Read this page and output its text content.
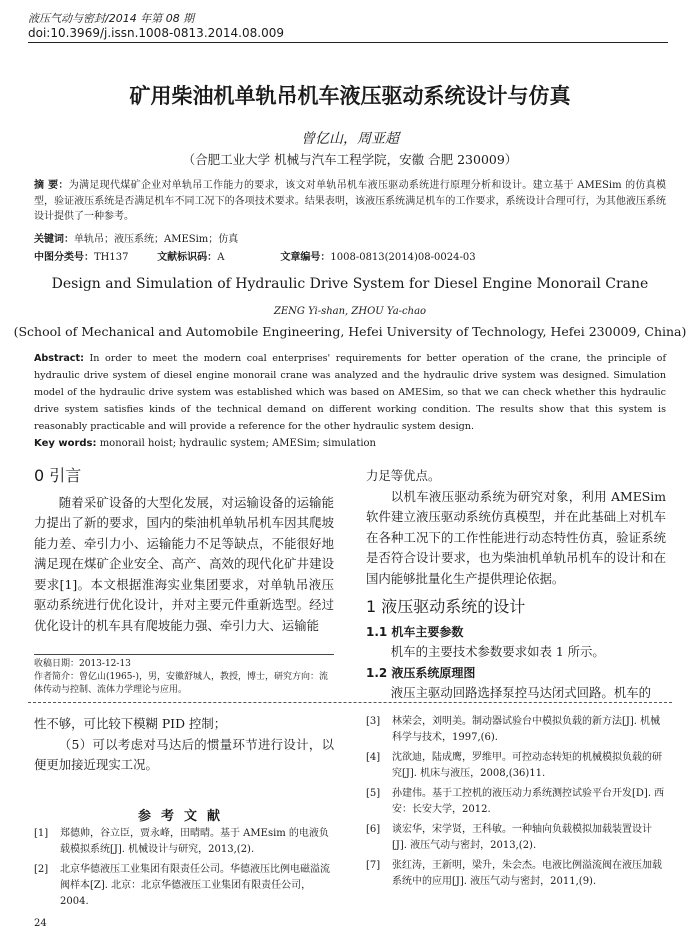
液压气动与密封/2014 年第 08 期
doi:10.3969/j.issn.1008-0813.2014.08.009
矿用柴油机单轨吊机车液压驱动系统设计与仿真
曾亿山，周亚超
（合肥工业大学 机械与汽车工程学院，安徽 合肥 230009）
摘 要：为满足现代煤矿企业对单轨吊工作能力的要求，该文对单轨吊机车液压驱动系统进行原理分析和设计。建立基于 AMESim 的仿真模型，验证液压系统是否满足机车不同工况下的各项技术要求。结果表明，该液压系统满足机车的工作要求，系统设计合理可行，为其他液压系统设计提供了一种参考。
关键词：单轨吊；液压系统；AMESim；仿真
中图分类号：TH137	文献标识码：A	文章编号：1008-0813(2014)08-0024-03
Design and Simulation of Hydraulic Drive System for Diesel Engine Monorail Crane
ZENG Yi-shan, ZHOU Ya-chao
(School of Mechanical and Automobile Engineering, Hefei University of Technology, Hefei 230009, China)
Abstract: In order to meet the modern coal enterprises' requirements for better operation of the crane, the principle of hydraulic drive system of diesel engine monorail crane was analyzed and the hydraulic drive system was designed. Simulation model of the hydraulic drive system was established which was based on AMESim, so that we can check whether this hydraulic drive system satisfies kinds of the technical demand on different working condition. The results show that this system is reasonably practicable and will provide a reference for the other hydraulic system design.
Key words: monorail hoist; hydraulic system; AMESim; simulation
0 引言
随着采矿设备的大型化发展，对运输设备的运输能力提出了新的要求，国内的柴油机单轨吊机车因其爬坡能力差、牵引力小、运输能力不足等缺点，不能很好地满足现在煤矿企业安全、高产、高效的现代化矿井建设要求[1]。本文根据淮海实业集团要求，对单轨吊液压驱动系统进行优化设计，并对主要元件重新选型。经过优化设计的机车具有爬坡能力强、牵引力大、运输能
力足等优点。
以机车液压驱动系统为研究对象，利用 AMESim 软件建立液压驱动系统仿真模型，并在此基础上对机车在各种工况下的工作性能进行动态特性仿真，验证系统是否符合设计要求，也为柴油机单轨吊机车的设计和在国内能够批量化生产提供理论依据。
1 液压驱动系统的设计
1.1 机车主要参数
机车的主要技术参数要求如表 1 所示。
1.2 液压系统原理图
液压主驱动回路选择泵控马达闭式回路。机车的
收稿日期：2013-12-13
作者简介：曾亿山(1965-)，男，安徽舒城人，教授，博士，研究方向：流体传动与控制、流体力学理论与应用。
性不够，可比较下模糊 PID 控制；
（5）可以考虑对马达后的惯量环节进行设计，以便更加接近现实工况。
参考文献
[1]	郑德帅，谷立臣，贾永峰，田晴晴。基于 AMEsim 的电液负载模拟系统[J]. 机械设计与研究，2013,(2).
[2]	北京华德液压工业集团有限责任公司。华德液压比例电磁溢流阀样本[Z]. 北京：北京华德液压工业集团有限责任公司，2004.
[3]	林荣会，刘明美。制动器试验台中模拟负载的新方法[J]. 机械科学与技术，1997,(6).
[4]	沈欲迪，陆成鹰，罗维甲。可控动态转矩的机械模拟负载的研究[J]. 机床与液压，2008,(36)11.
[5]	孙建伟。基于工控机的液压动力系统测控试验平台开发[D]. 西安：长安大学，2012.
[6]	谈宏华，宋学贤，王科敏。一种轴向负载模拟加载装置设计[J]. 液压气动与密封，2013,(2).
[7]	张红涛，王新明，梁升，朱会杰。电液比例溢流阀在液压加载系统中的应用[J]. 液压气动与密封，2011,(9).
24
